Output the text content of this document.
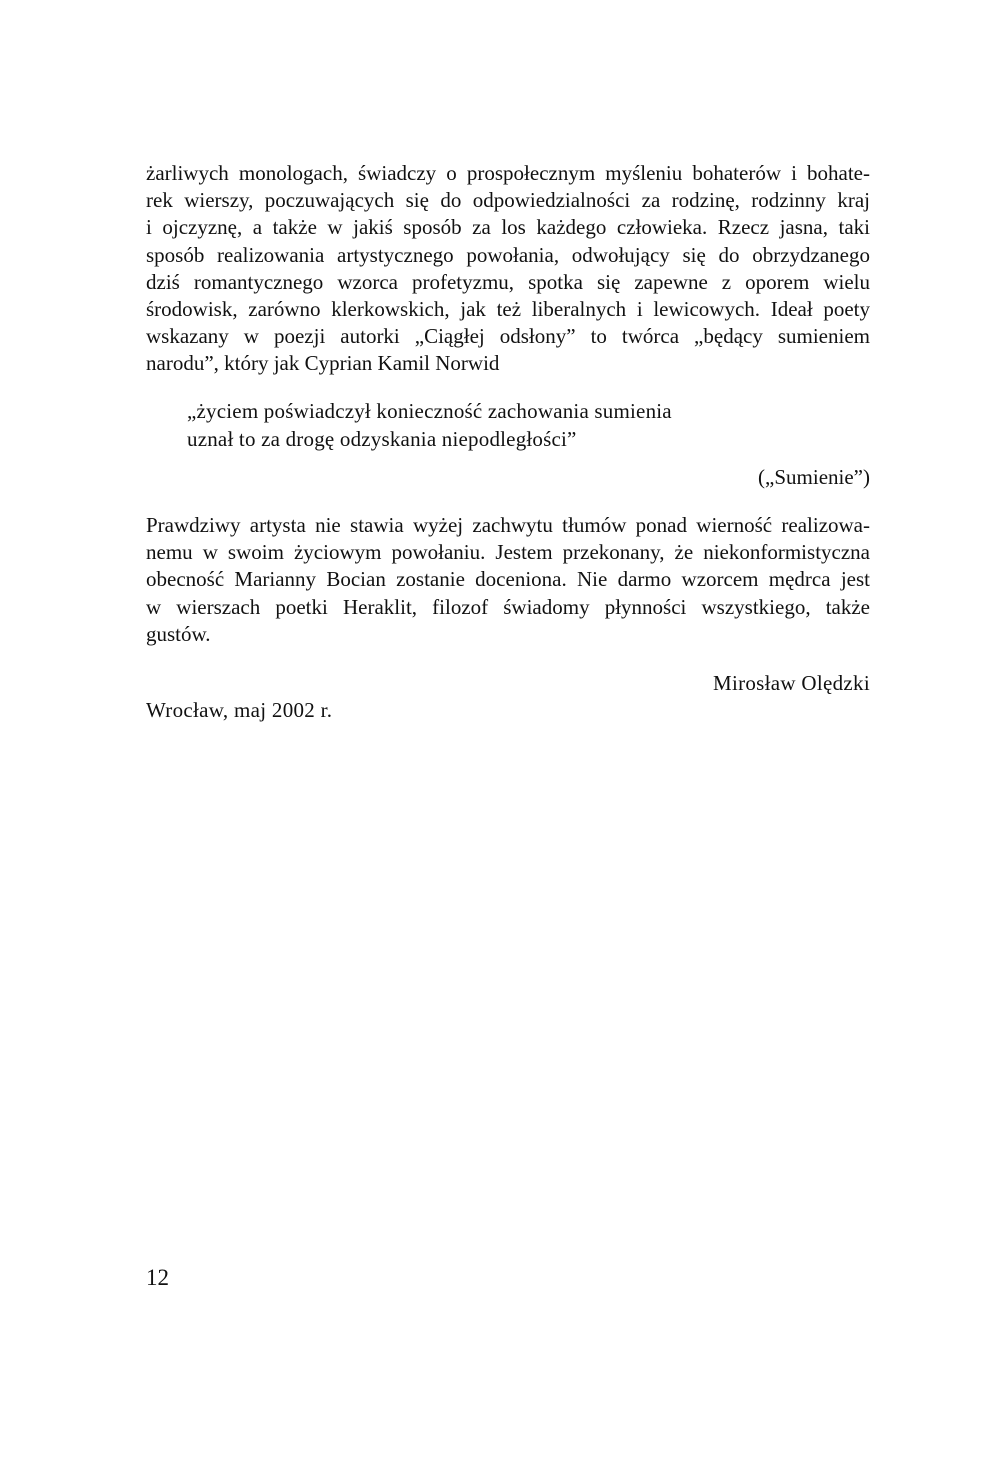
żarliwych monologach, świadczy o prospołecznym myśleniu bohaterów i bohate-
rek wierszy, poczuwających się do odpowiedzialności za rodzinę, rodzinny kraj
i ojczyznę, a także w jakiś sposób za los każdego człowieka. Rzecz jasna, taki
sposób realizowania artystycznego powołania, odwołujący się do obrzydzanego
dziś romantycznego wzorca profetyzmu, spotka się zapewne z oporem wielu
środowisk, zarówno klerkowskich, jak też liberalnych i lewicowych. Ideał poety
wskazany w poezji autorki „Ciągłej odsłony” to twórca „będący sumieniem
narodu”, który jak Cyprian Kamil Norwid
„życiem poświadczył konieczność zachowania sumienia
uznał to za drogę odzyskania niepodległości”

(„Sumienie”)

Prawdziwy artysta nie stawia wyżej zachwytu tłumów ponad wierność realizowa-
nemu w swoim życiowym powołaniu. Jestem przekonany, że niekonformistyczna
obecność Marianny Bocian zostanie doceniona. Nie darmo wzorcem mędrca jest
w wierszach poetki Heraklit, filozof świadomy płynności wszystkiego, także
gustów.

Mirosław Olędzki

Wrocław, maj 2002 r.

12
